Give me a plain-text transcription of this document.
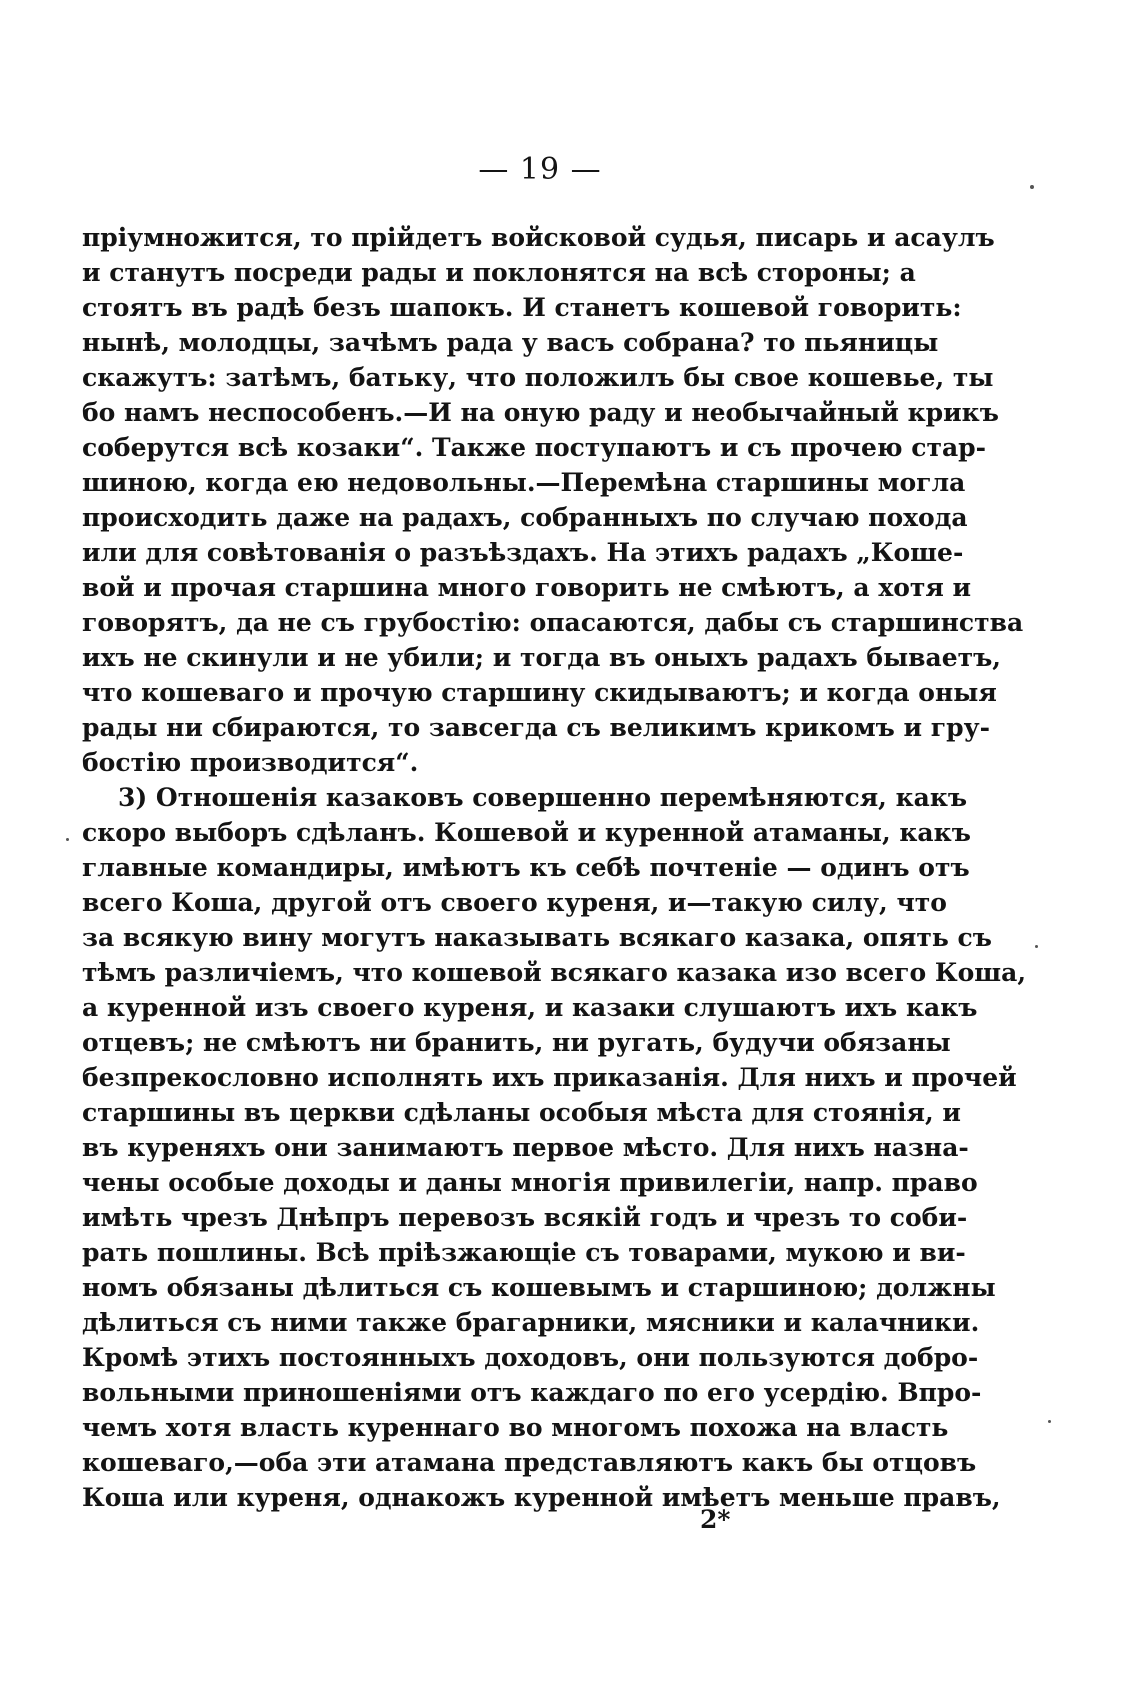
— 19 —
пріумножится, то прійдетъ войсковой судья, писарь и асаулъ
и станутъ посреди рады и поклонятся на всѣ стороны; а
стоятъ въ радѣ безъ шапокъ. И станетъ кошевой говорить:
нынѣ, молодцы, зачѣмъ рада у васъ собрана? то пьяницы
скажутъ: затѣмъ, батьку, что положилъ бы свое кошевье, ты
бо намъ неспособенъ.—И на оную раду и необычайный крикъ
соберутся всѣ козаки“. Также поступаютъ и съ прочею стар-
шиною, когда ею недовольны.—Перемѣна старшины могла
происходить даже на радахъ, собранныхъ по случаю похода
или для совѣтованія о разъѣздахъ. На этихъ радахъ „Коше-
вой и прочая старшина много говорить не смѣютъ, а хотя и
говорятъ, да не съ грубостію: опасаются, дабы съ старшинства
ихъ не скинули и не убили; и тогда въ оныхъ радахъ бываетъ,
что кошеваго и прочую старшину скидываютъ; и когда оныя
рады ни сбираются, то завсегда съ великимъ крикомъ и гру-
бостію производится“.
3) Отношенія казаковъ совершенно перемѣняются, какъ
скоро выборъ сдѣланъ. Кошевой и куренной атаманы, какъ
главные командиры, имѣютъ къ себѣ почтеніе — одинъ отъ
всего Коша, другой отъ своего куреня, и—такую силу, что
за всякую вину могутъ наказывать всякаго казака, опять съ
тѣмъ различіемъ, что кошевой всякаго казака изо всего Коша,
а куренной изъ своего куреня, и казаки слушаютъ ихъ какъ
отцевъ; не смѣютъ ни бранить, ни ругать, будучи обязаны
безпрекословно исполнять ихъ приказанія. Для нихъ и прочей
старшины въ церкви сдѣланы особыя мѣста для стоянія, и
въ куреняхъ они занимаютъ первое мѣсто. Для нихъ назна-
чены особые доходы и даны многія привилегіи, напр. право
имѣть чрезъ Днѣпръ перевозъ всякій годъ и чрезъ то соби-
рать пошлины. Всѣ пріѣзжающіе съ товарами, мукою и ви-
номъ обязаны дѣлиться съ кошевымъ и старшиною; должны
дѣлиться съ ними также брагарники, мясники и калачники.
Кромѣ этихъ постоянныхъ доходовъ, они пользуются добро-
вольными приношеніями отъ каждаго по его усердію. Впро-
чемъ хотя власть куреннаго во многомъ похожа на власть
кошеваго,—оба эти атамана представляютъ какъ бы отцовъ
Коша или куреня, однакожъ куренной имѣетъ меньше правъ,
2*
